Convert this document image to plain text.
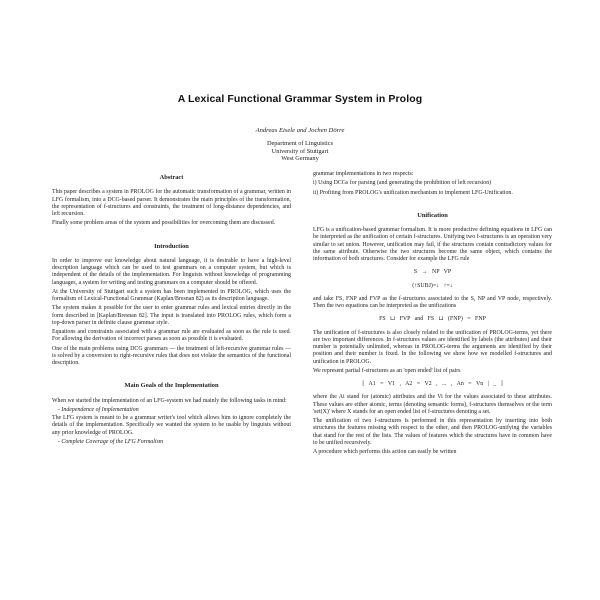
A Lexical Functional Grammar System in Prolog
Andreas Eisele and Jochen Dörre
Department of Linguistics
University of Stuttgart
West Germany
Abstract

This paper describes a system in PROLOG for the automatic transformation of a grammar, written in LFG formalism, into a DCG-based parser. It demonstrates the main principles of the transformation, the representation of f-structures and constraints, the treatment of long-distance dependencies, and left recursion.

Finally some problem areas of the system and possibilities for overcoming them are discussed.

Introduction

In order to improve our knowledge about natural language, it is desirable to have a high-level description language which can be used to test grammars on a computer system, but which is independent of the details of the implementation. For linguists without knowledge of programming languages, a system for writing and testing grammars on a computer should be offered.

At the University of Stuttgart such a system has been implemented in PROLOG, which uses the formalism of Lexical-Functional Grammar (Kaplan/Bresnan 82) as its description language.

The system makes it possible for the user to enter grammar rules and lexical entries directly in the form described in [Kaplan/Bresnan 82]. The input is translated into PROLOG rules, which form a top-down parser in definite clause grammar style.

Equations and constraints associated with a grammar rule are evaluated as soon as the rule is used. For allowing the derivation of incorrect parses as soon as possible it is evaluated.

One of the main problems using DCG grammars — the treatment of left-recursive grammar rules — is solved by a conversion to right-recursive rules that does not violate the semantics of the functional description.

Main Goals of the Implementation

When we started the implementation of an LFG-system we had mainly the following tasks in mind:

- Independence of Implementation

The LFG system is meant to be a grammar writer's tool which allows him to ignore completely the details of the implementation. Specifically we wanted the system to be usable by linguists without any prior knowledge of PROLOG.

- Complete Coverage of the LFG Formalism

grammar implementations in two respects:

i) Using DCGs for parsing (and generating the prohibition of left recursion)

ii) Profiting from PROLOG's unification mechanism to implement LFG-Unification.

Unification

LFG is a unification-based grammar formalism. It is more productive defining equations in LFG can be interpreted as the unification of certain f-structures. Unifying two f-structures is an operation very similar to set union. However, unification may fail, if the structures contain contradictory values for the same attribute. Otherwise the two structures become the same object, which contains the information of both structures. Consider for example the LFG rule

S → NP VP
(↑SUBJ)=↓ ↑=↓

and take FS, FNP and FVP as the f-structures associated to the S, NP and VP node, respectively. Then the two equations can be interpreted as the unifications

FS ⊔ FVP and FS ⊔ (FNP) = FNP

The unification of f-structures is also closely related to the unification of PROLOG-terms, yet there are two important differences. In f-structures values are identified by labels (the attributes) and their number is potentially unlimited, whereas in PROLOG-terms the arguments are identified by their position and their number is fixed. In the following we show how we modelled f-structures and unification in PROLOG.

We represent partial f-structures as an 'open ended' list of pairs

[ A1 = V1 , A2 = V2 , ... , An = Vn | _ ]

where the Ai stand for (atomic) attributes and the Vi for the values associated to these attributes. These values are either atomic, terms (denoting semantic forms), f-structures themselves or the term 'set(X)' where X stands for an open ended list of f-structures denoting a set.

The unification of two f-structures is performed in this representation by inserting into both structures the features missing with respect to the other, and then PROLOG-unifying the variables that stand for the rest of the lists. The values of features which the structures have in common have to be unified recursively.

A procedure which performs this action can easily be written
